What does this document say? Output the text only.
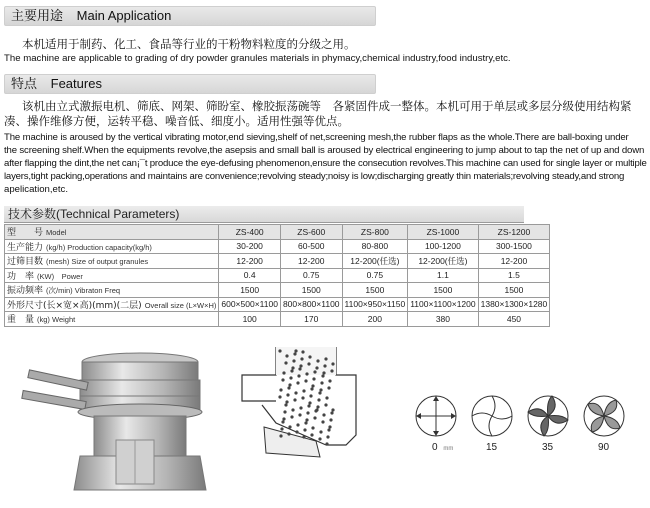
主要用途 Main Application
本机适用于制药、化工、食品等行业的干粉物料粒度的分级之用。
The machine are applicable to grading of dry powder granules materials in phymacy,chemical industry,food industry,etc.
特点 Features
该机由立式激振电机、筛底、网架、筛盼室、橡胶振荡碗等　各紧固件成一整体。本机可用于单层或多层分级使用结构紧
凑、操作维修方便，运转平稳、噪音低、细度小。适用性强等优点。
The machine is aroused by the vertical vibrating motor,end sieving,shelf of net,screening mesh,the rubber flaps as the whole.There are ball-boxing under
the screening shelf.When the equipments revolve,the asepsis and small ball is aroused by electrical engineering to jump about to tap the net of up and down
after flapping the dint,the net can¡¯t produce the eye-defusing phenomenon,ensure the consecution revolves.This machine can used for single layer or multiple
layers,tight packing,operations and maintains are convenience;revolving steady;noisy is low;discharging greatly thin materials;revolving steady,and strong
apelication,etc.
技术参数(Technical Parameters)
型　　号 Model	ZS-400	ZS-600	ZS-800	ZS-1000	ZS-1200
生产能力 (kg/h) Production capacity(kg/h)	30-200	60-500	80-800	100-1200	300-1500
过筛目数 (mesh) Size of output granules	12-200	12-200	12-200(任选)	12-200(任选)	12-200
功　率 (KW)　Power	0.4	0.75	0.75	1.1	1.5
振动频率 (次/min) Vibraton Freq	1500	1500	1500	1500	1500
外形尺寸(长×宽×高)(mm)(二层) Overall size (L×W×H)	600×500×1100	800×800×1100	1100×950×1150	1100×1100×1200	1380×1300×1280
重　量 (kg) Weight	100	170	200	380	450
0 mm	15	35	90
